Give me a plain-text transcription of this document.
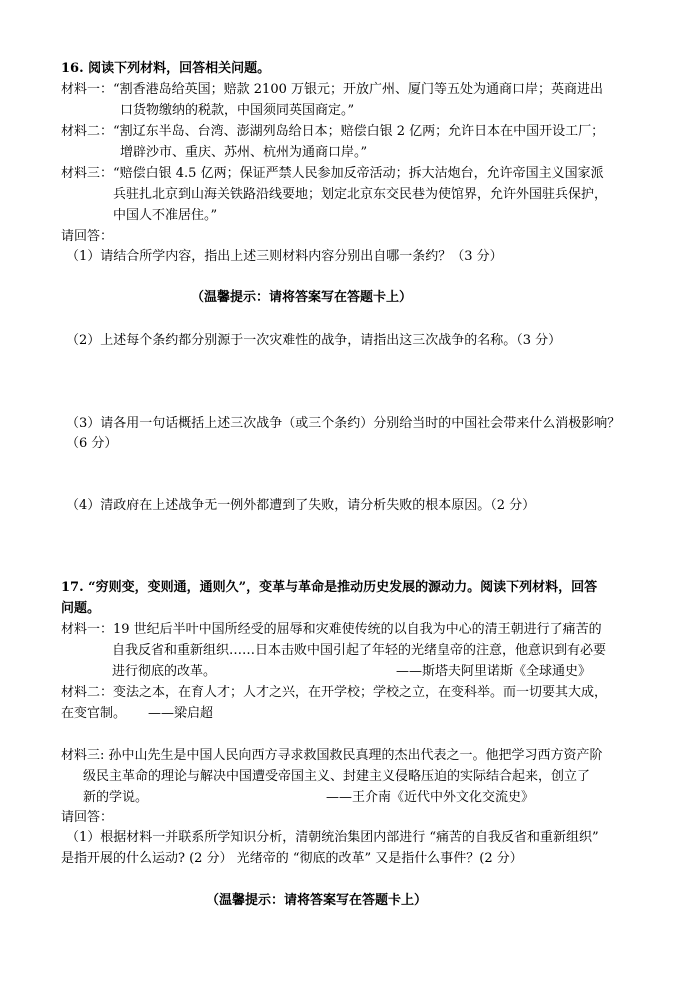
16. 阅读下列材料，回答相关问题。
材料一：“割香港岛给英国；赔款 2100 万银元；开放广州、厦门等五处为通商口岸；英商进出
口货物缴纳的税款，中国须同英国商定。”
材料二：“割辽东半岛、台湾、澎湖列岛给日本；赔偿白银 2 亿两；允许日本在中国开设工厂；
增辟沙市、重庆、苏州、杭州为通商口岸。”
材料三：“赔偿白银 4.5 亿两；保证严禁人民参加反帝活动；拆大沽炮台，允许帝国主义国家派
兵驻扎北京到山海关铁路沿线要地；划定北京东交民巷为使馆界，允许外国驻兵保护，
中国人不准居住。”
请回答：
（1）请结合所学内容，指出上述三则材料内容分别出自哪一条约？（3 分）
（温馨提示：请将答案写在答题卡上）
（2）上述每个条约都分别源于一次灾难性的战争，请指出这三次战争的名称。（3 分）
（3）请各用一句话概括上述三次战争（或三个条约）分别给当时的中国社会带来什么消极影响？
（6 分）
（4）清政府在上述战争无一例外都遭到了失败，请分析失败的根本原因。（2 分）
17. “穷则变，变则通，通则久”，变革与革命是推动历史发展的源动力。阅读下列材料，回答
问题。
材料一：19 世纪后半叶中国所经受的屈辱和灾难使传统的以自我为中心的清王朝进行了痛苦的
自我反省和重新组织……日本击败中国引起了年轻的光绪皇帝的注意，他意识到有必要
进行彻底的改革。	——斯塔夫阿里诺斯《全球通史》
材料二：变法之本，在育人才；人才之兴，在开学校；学校之立，在变科举。而一切要其大成，
在变官制。 ——梁启超
材料三: 孙中山先生是中国人民向西方寻求救国救民真理的杰出代表之一。他把学习西方资产阶
级民主革命的理论与解决中国遭受帝国主义、封建主义侵略压迫的实际结合起来，创立了
新的学说。	——王介南《近代中外文化交流史》
请回答：
（1）根据材料一并联系所学知识分析，清朝统治集团内部进行 “痛苦的自我反省和重新组织”
是指开展的什么运动? (2 分） 光绪帝的 “彻底的改革” 又是指什么事件？(2 分）
（温馨提示：请将答案写在答题卡上）
